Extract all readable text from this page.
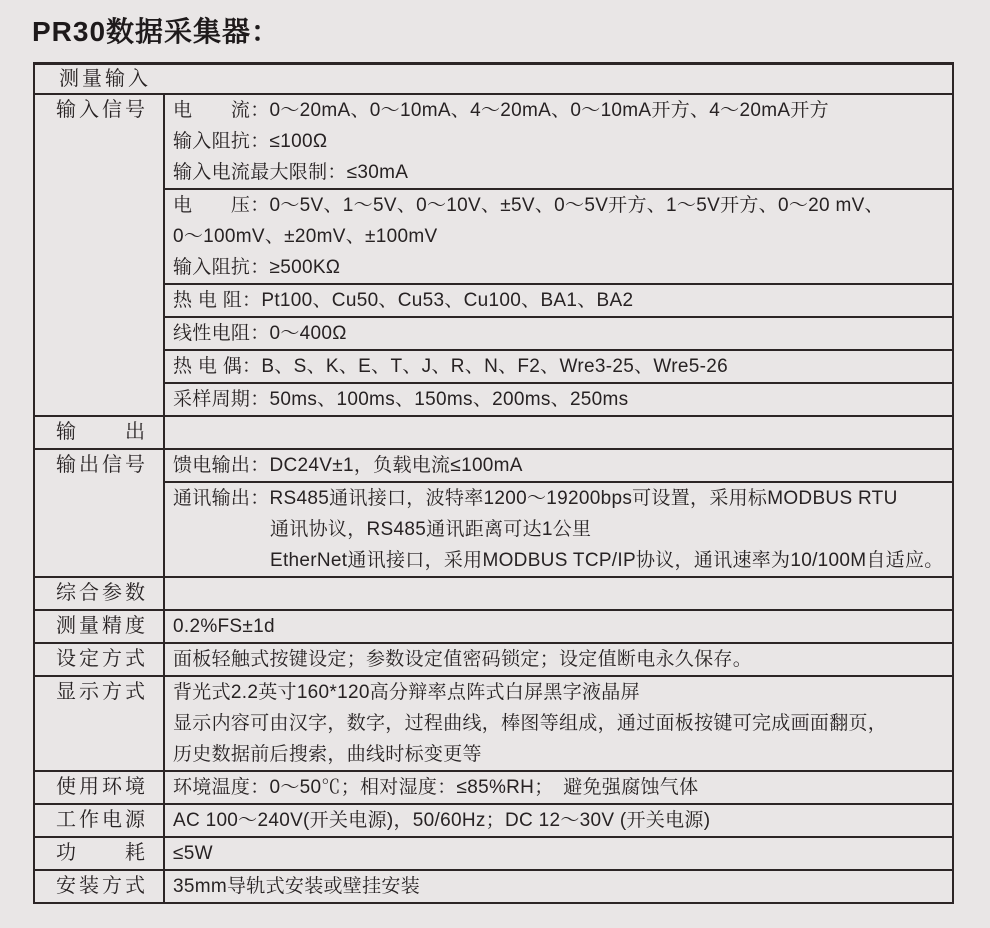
PR30数据采集器：
测量输入
输入信号	电　　流：0～20mA、0～10mA、4～20mA、0～10mA开方、4～20mA开方
输入阻抗：≤100Ω
输入电流最大限制：≤30mA
电　　压：0～5V、1～5V、0～10V、±5V、0～5V开方、1～5V开方、0～20 mV、
0～100mV、±20mV、±100mV
输入阻抗：≥500KΩ
热 电 阻：Pt100、Cu50、Cu53、Cu100、BA1、BA2
线性电阻：0～400Ω
热 电 偶：B、S、K、E、T、J、R、N、F2、Wre3-25、Wre5-26
采样周期：50ms、100ms、150ms、200ms、250ms
输　　出
输出信号	馈电输出：DC24V±1，负载电流≤100mA
通讯输出：RS485通讯接口，波特率1200～19200bps可设置，采用标MODBUS RTU
通讯协议，RS485通讯距离可达1公里
EtherNet通讯接口，采用MODBUS TCP/IP协议，通讯速率为10/100M自适应。
综合参数
测量精度	0.2%FS±1d
设定方式	面板轻触式按键设定；参数设定值密码锁定；设定值断电永久保存。
显示方式	背光式2.2英寸160*120高分辩率点阵式白屏黑字液晶屏
显示内容可由汉字，数字，过程曲线，棒图等组成，通过面板按键可完成画面翻页，
历史数据前后搜索，曲线时标变更等
使用环境	环境温度：0～50℃；相对湿度：≤85%RH；　避免强腐蚀气体
工作电源	AC 100～240V(开关电源)，50/60Hz；DC 12～30V (开关电源)
功　　耗	≤5W
安装方式	35mm导轨式安装或壁挂安装
